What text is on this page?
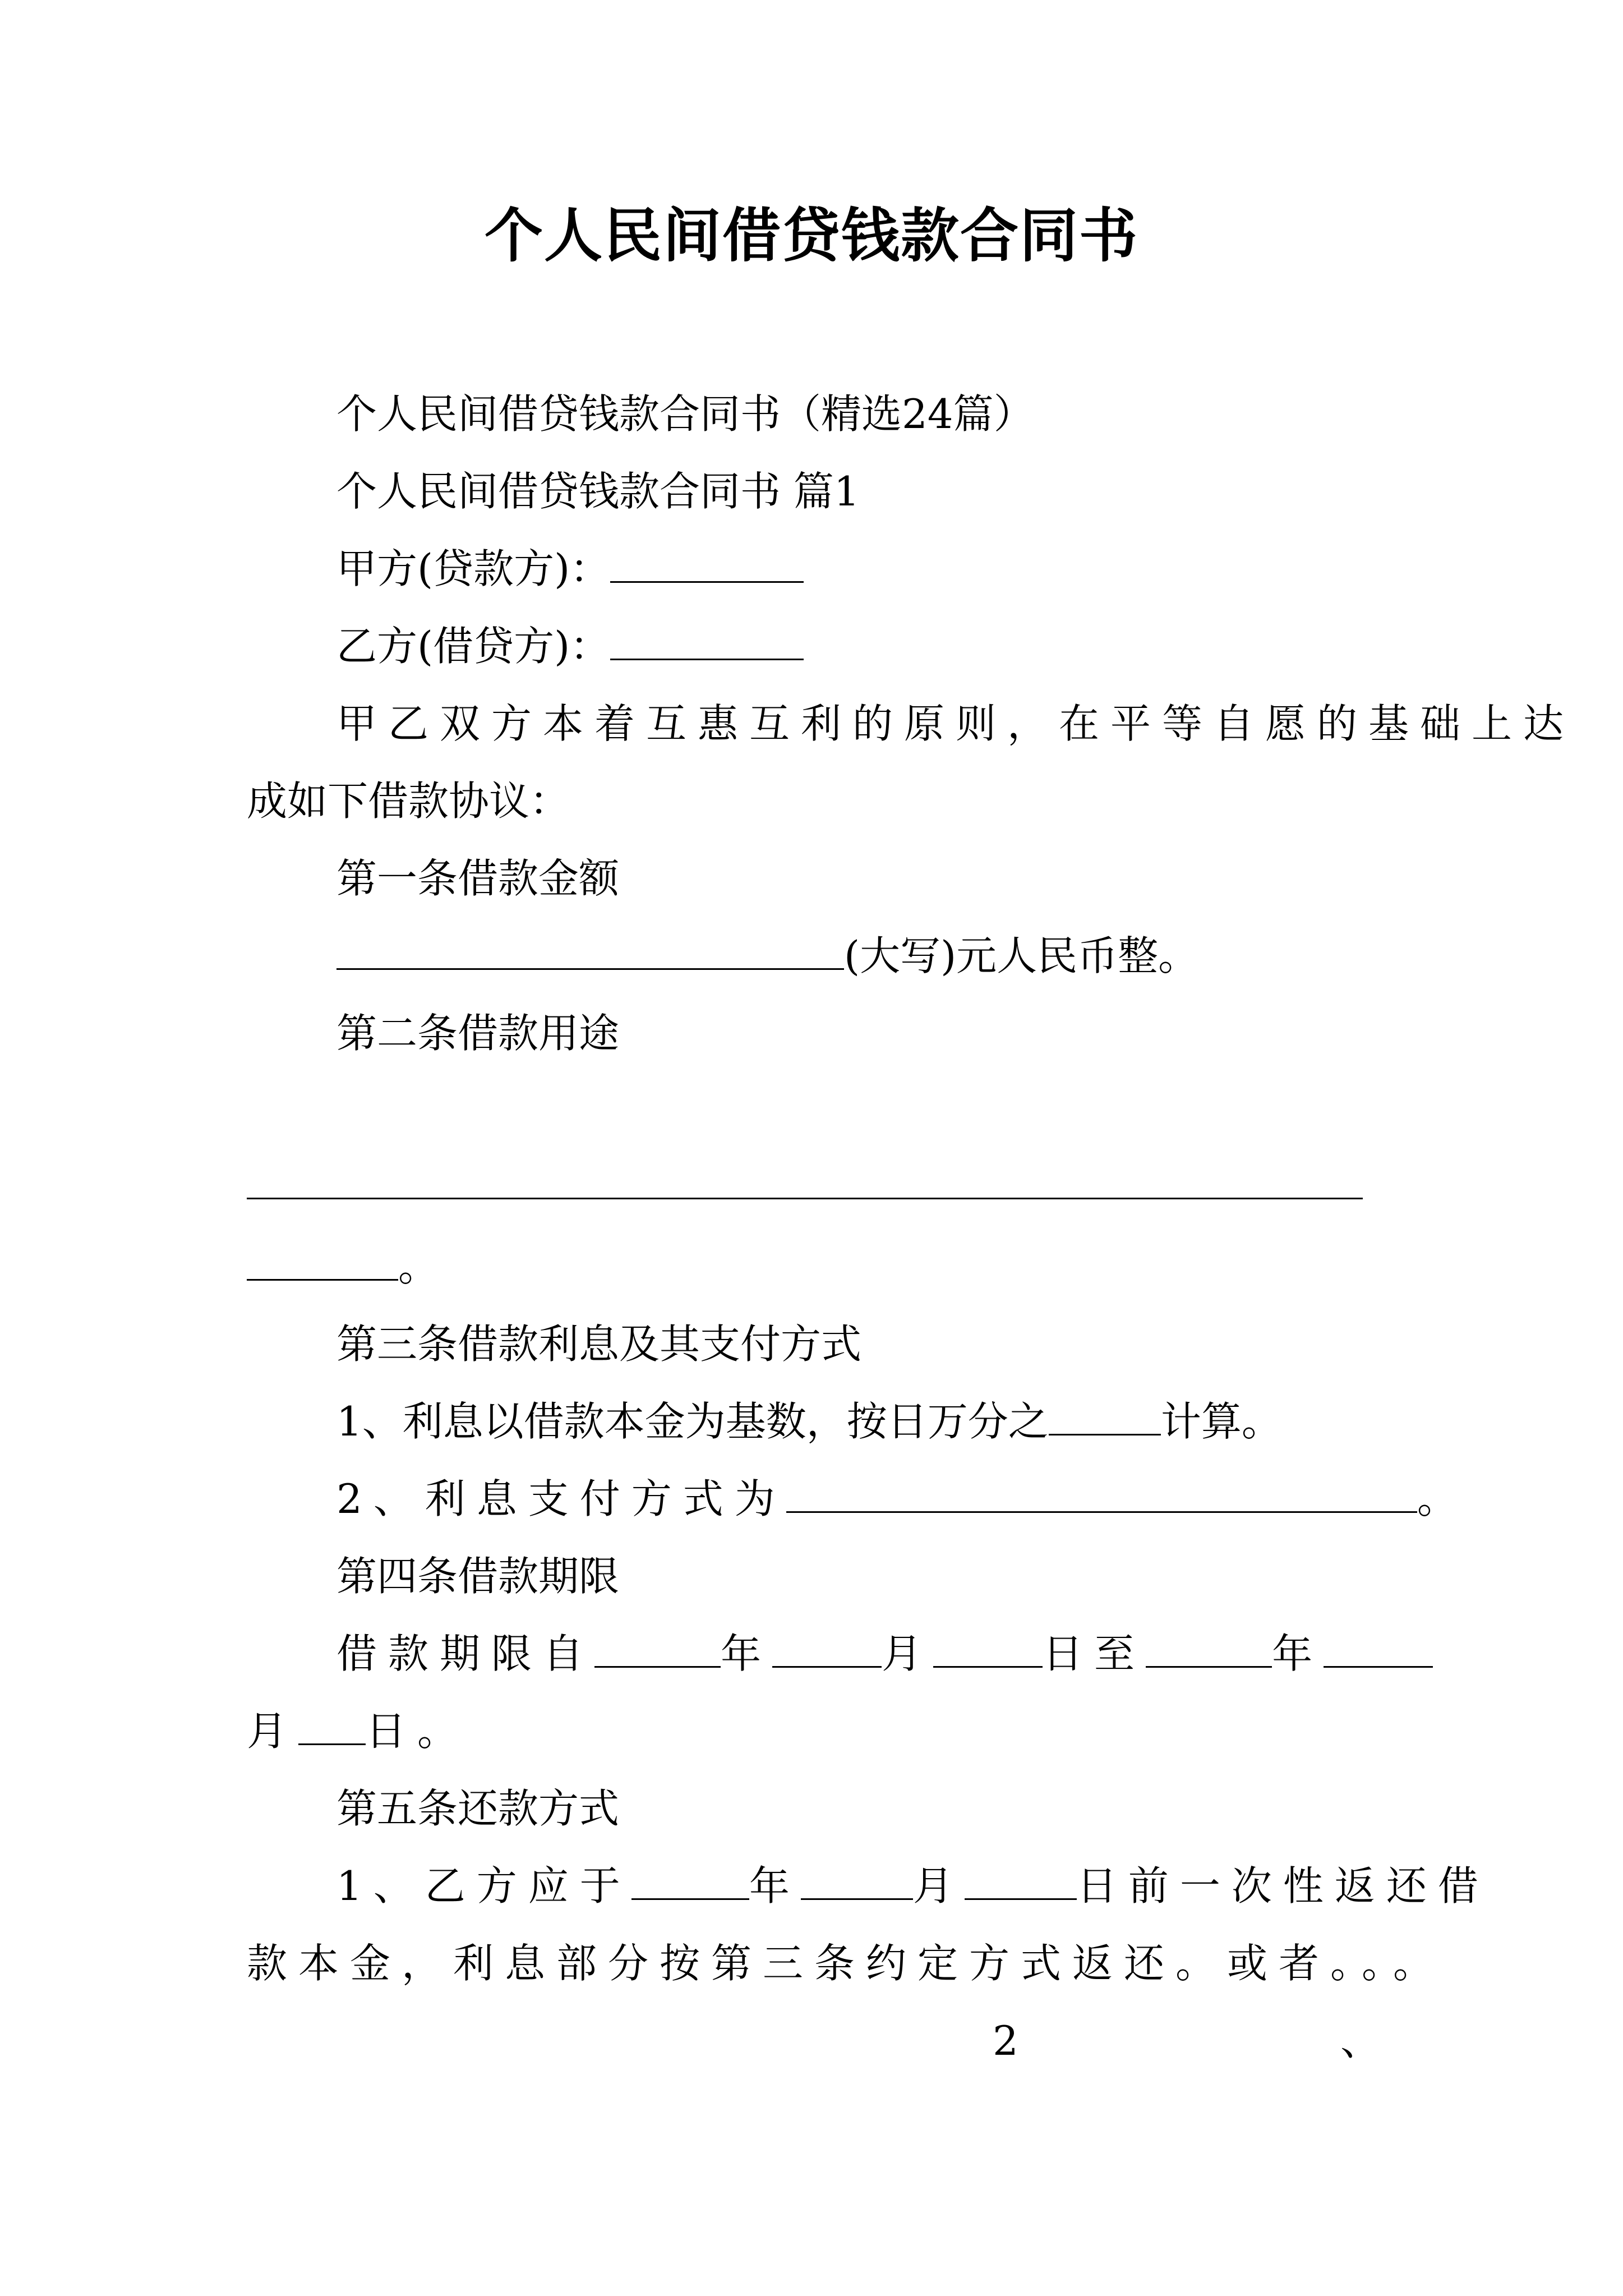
个人民间借贷钱款合同书
个人民间借贷钱款合同书（精选24篇）
个人民间借贷钱款合同书 篇1
甲方(贷款方)：
乙方(借贷方)：
甲乙双方本着互惠互利的原则，在平等自愿的基础上达
成如下借款协议：
第一条借款金额
(大写)元人民币整。
第二条借款用途
。
第三条借款利息及其支付方式
1、利息以借款本金为基数，按日万分之	计算。
2、利息支付方式为	。
第四条借款期限
借款期限自	年	月	日至	年
月 日。
第五条还款方式
1、乙方应于	年	月	日前一次性返还借
款本金，利息部分按第三条约定方式返还。或者。。。
2	、
